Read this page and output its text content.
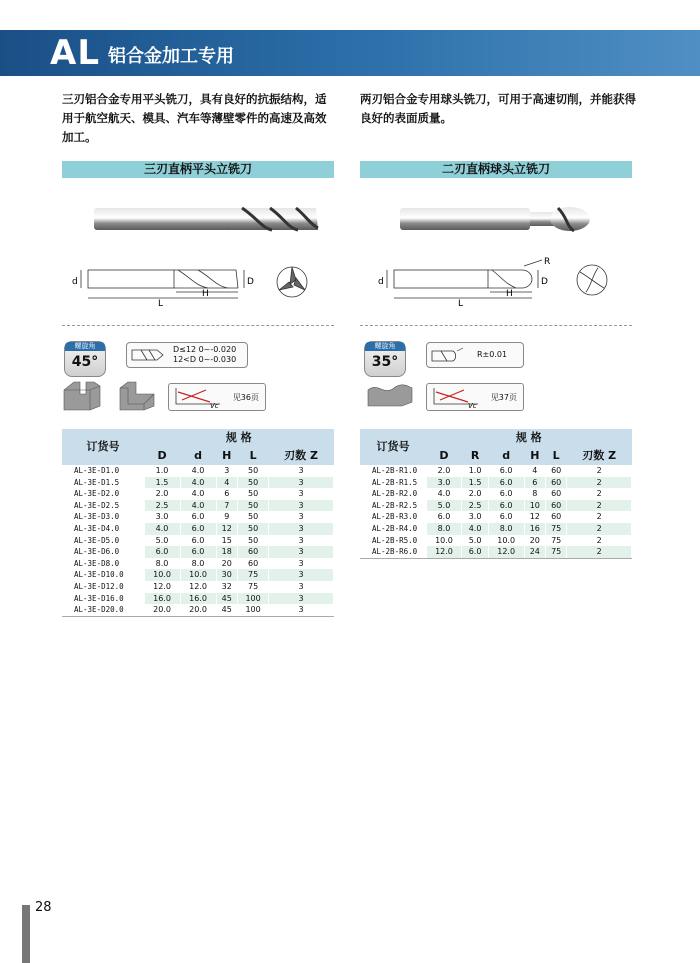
AL 铝合金加工专用
三刃铝合金专用平头铣刀，具有良好的抗振结构，适用于航空航天、模具、汽车等薄壁零件的高速及高效加工。
两刃铝合金专用球头铣刀，可用于高速切削，并能获得良好的表面质量。
三刃直柄平头立铣刀	二刃直柄球头立铣刀
d	D
H
L
d	D
R
H
L
螺旋角
45°
D≤12 0~-0.020
12<D 0~-0.030
Vc
见36页
螺旋角
35°	R±0.01
Vc
见37页
订货号	规 格				
	D	d	H	L	刃数 Z
AL-3E-D1.0	1.0	4.0	3	50	3
AL-3E-D1.5	1.5	4.0	4	50	3
AL-3E-D2.0	2.0	4.0	6	50	3
AL-3E-D2.5	2.5	4.0	7	50	3
AL-3E-D3.0	3.0	6.0	9	50	3
AL-3E-D4.0	4.0	6.0	12	50	3
AL-3E-D5.0	5.0	6.0	15	50	3
AL-3E-D6.0	6.0	6.0	18	60	3
AL-3E-D8.0	8.0	8.0	20	60	3
AL-3E-D10.0	10.0	10.0	30	75	3
AL-3E-D12.0	12.0	12.0	32	75	3
AL-3E-D16.0	16.0	16.0	45	100	3
AL-3E-D20.0	20.0	20.0	45	100	3
订货号	规 格					
	D	R	d	H	L	刃数 Z
AL-2B-R1.0	2.0	1.0	6.0	4	60	2
AL-2B-R1.5	3.0	1.5	6.0	6	60	2
AL-2B-R2.0	4.0	2.0	6.0	8	60	2
AL-2B-R2.5	5.0	2.5	6.0	10	60	2
AL-2B-R3.0	6.0	3.0	6.0	12	60	2
AL-2B-R4.0	8.0	4.0	8.0	16	75	2
AL-2B-R5.0	10.0	5.0	10.0	20	75	2
AL-2B-R6.0	12.0	6.0	12.0	24	75	2
28
